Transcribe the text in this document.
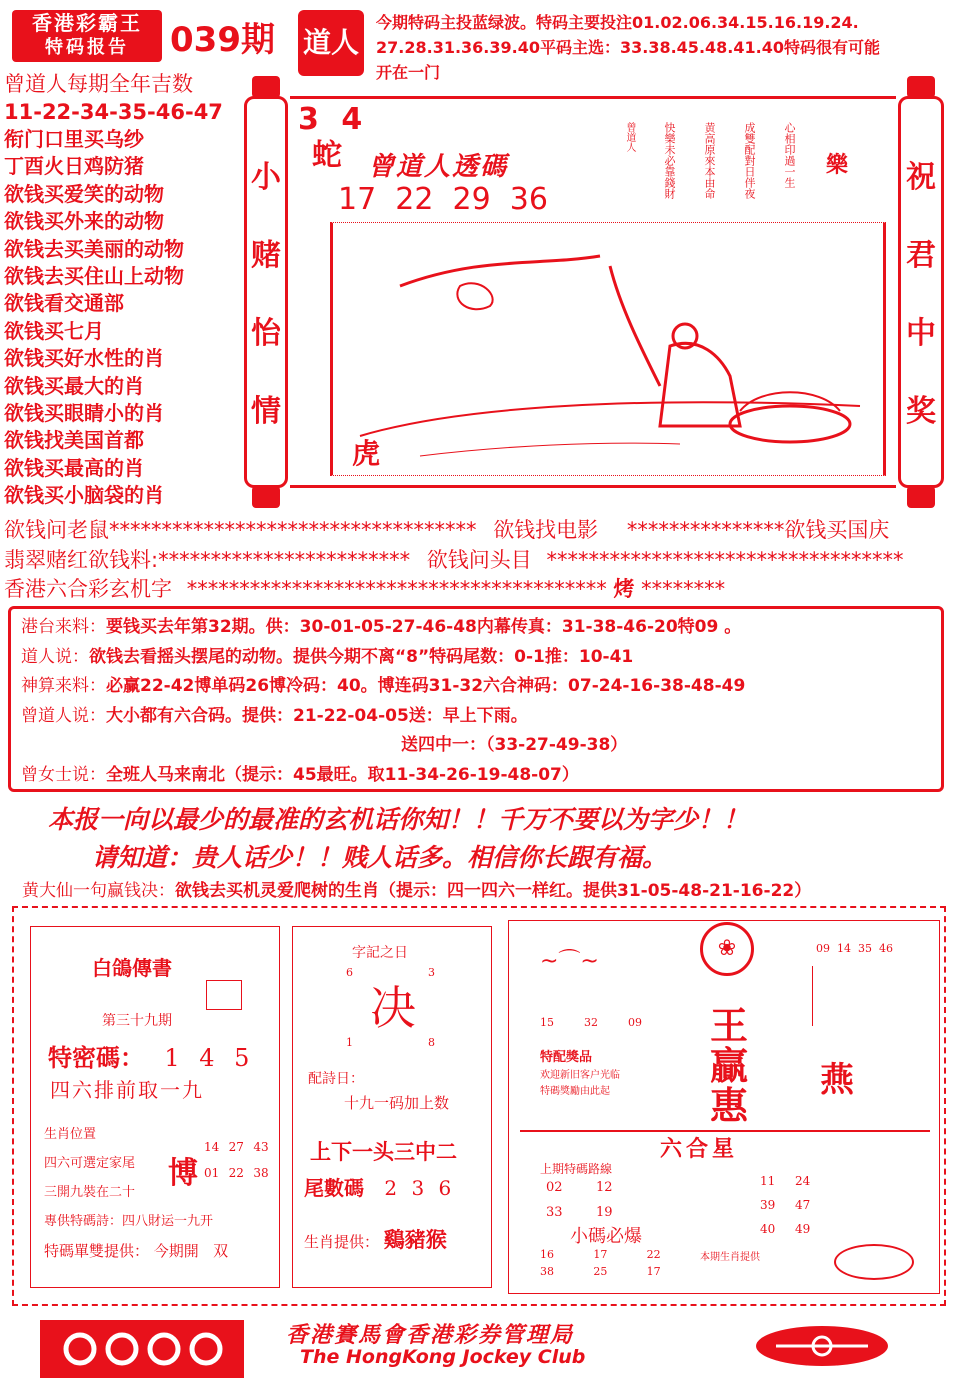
香港彩霸王
特码报告	039期 道人
今期特码主投蓝绿波。特码主要投注01.02.06.34.15.16.19.24.
27.28.31.36.39.40平码主选：33.38.45.48.41.40特码很有可能
开在一门
曾道人每期全年吉数
11-22-34-35-46-47
衔门口里买乌纱
丁酉火日鸡防猪
欲钱买爱笑的动物
欲钱买外来的动物
欲钱去买美丽的动物
欲钱去买住山上动物
欲钱看交通部
欲钱买七月
欲钱买好水性的肖
欲钱买最大的肖
欲钱买眼睛小的肖
欲钱找美国首都
欲钱买最高的肖
欲钱买小脑袋的肖
小
赌
怡
情
3 4
蛇 曾道人透碼
17  22  29  36
心相印過一生
成雙配對日伴夜
黄高原來本由命
快樂未必靠錢財
曾道人
樂
虎
祝
君
中
奖
欲钱问老鼠*********************************** 欲钱找电影 ***************欲钱买国庆
翡翠赌红欲钱料:************************ 欲钱问头目 **********************************
香港六合彩玄机字 **************************************** 烤 ********
港台来料：要钱买去年第32期。供：30-01-05-27-46-48内幕传真：31-38-46-20特09 。
道人说：欲钱去看摇头摆尾的动物。提供今期不离“8”特码尾数：0-1推：10-41
神算来料：必赢22-42博单码26博冷码：40。博连码31-32六合神码：07-24-16-38-48-49
曾道人说：大小都有六合码。提供：21-22-04-05送：早上下雨。
送四中一：（33-27-49-38）
曾女士说：全班人马来南北（提示：45最旺。取11-34-26-19-48-07）
本报一向以最少的最准的玄机话你知！！千万不要以为字少！！
请知道：贵人话少！！贱人话多。相信你长跟有福。
黄大仙一句赢钱决：欲钱去买机灵爱爬树的生肖（提示：四一四六一样红。提供31-05-48-21-16-22）
白鴿傳書
第三十九期
特密碼： 1 4 5
四六排前取一九
生肖位置
四六可選定家尾
三開九裝在二十
專供特碼詩：四八財运一九开
博
14 27 43
01 22 38
特碼單雙提供： 今期開   双
字記之日
6	3
决
1	8
配詩日：
十九一码加上数
上下一头三中二
尾數碼 2 3 6
生肖提供： 鷄豬猴
~⌒~
❀	09  14  35  46
15	32	09
特配獎品
欢迎新旧客户光临
特碼獎勵由此起
王
贏
惠
燕
六合星
上期特碼路線
02	12
33	19
11	24
39	47
40	49
小碼必爆
16	17	22
38	25	17
本期生肖提供
香港賽馬會香港彩券管理局
The HongKong Jockey Club
